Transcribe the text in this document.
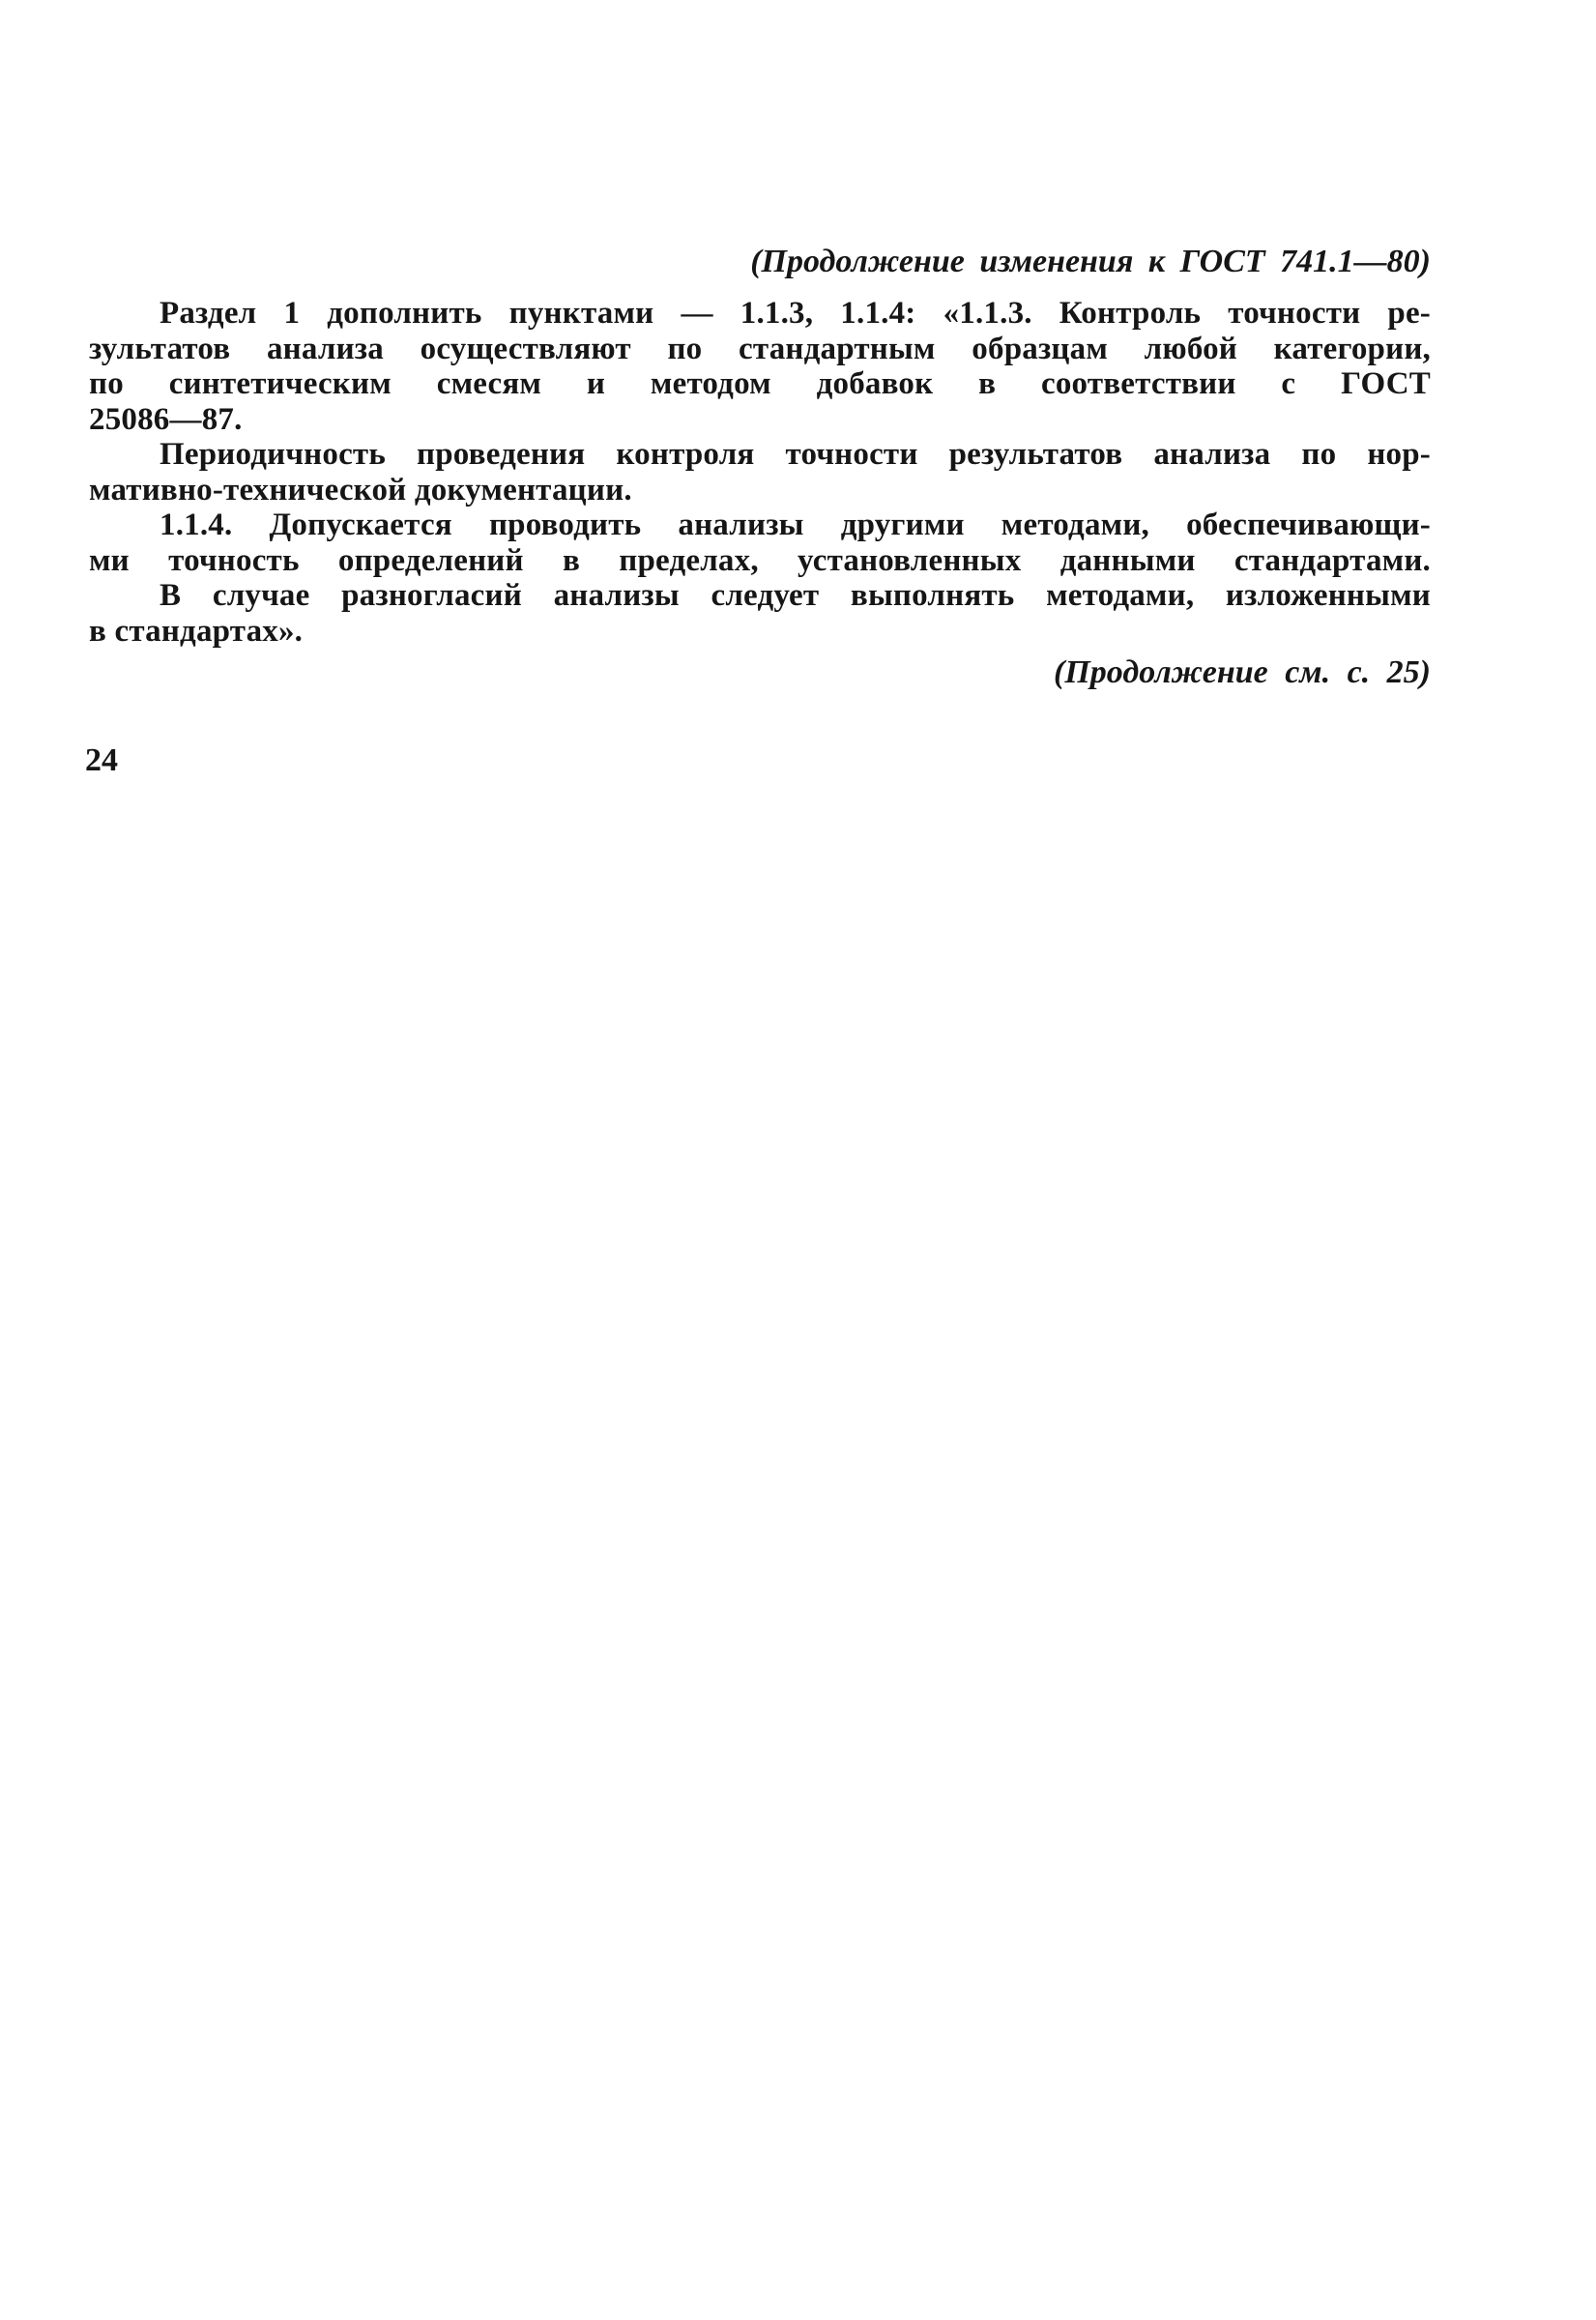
(Продолжение изменения к ГОСТ 741.1—80)
Раздел 1 дополнить пунктами — 1.1.3, 1.1.4: «1.1.3. Контроль точности ре-
зультатов анализа осуществляют по стандартным образцам любой категории,
по синтетическим смесям и методом добавок в соответствии с ГОСТ
25086—87.
Периодичность проведения контроля точности результатов анализа по нор-
мативно-технической документации.
1.1.4. Допускается проводить анализы другими методами, обеспечивающи-
ми точность определений в пределах, установленных данными стандартами.
В случае разногласий анализы следует выполнять методами, изложенными
в стандартах».
(Продолжение см. с. 25)
24
